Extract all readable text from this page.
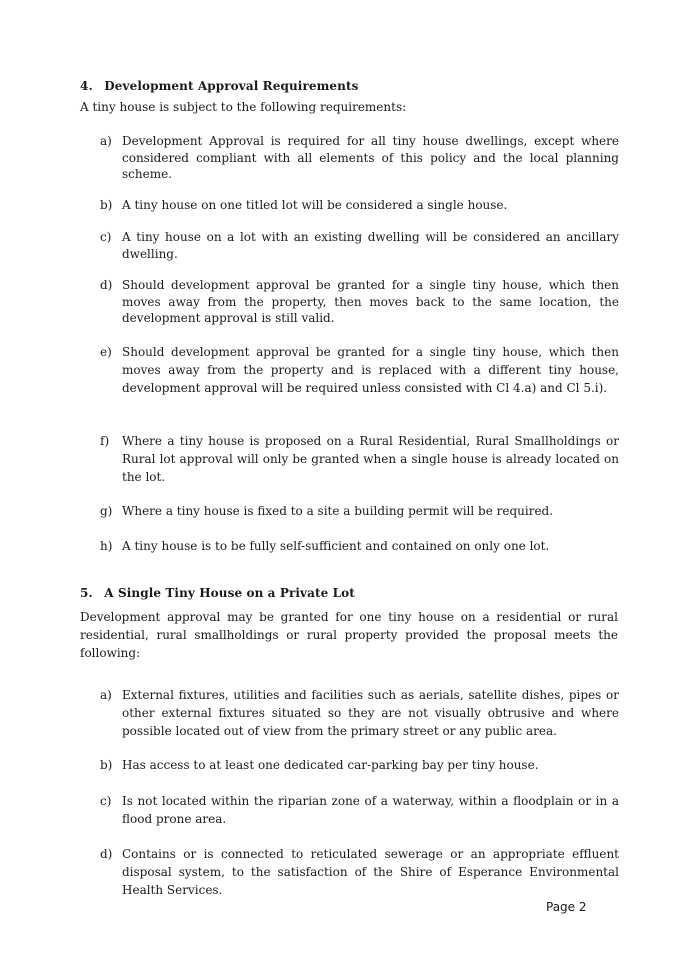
4. Development Approval Requirements
A tiny house is subject to the following requirements:
a) Development Approval is required for all tiny house dwellings, except where considered compliant with all elements of this policy and the local planning scheme.
b) A tiny house on one titled lot will be considered a single house.
c) A tiny house on a lot with an existing dwelling will be considered an ancillary dwelling.
d) Should development approval be granted for a single tiny house, which then moves away from the property, then moves back to the same location, the development approval is still valid.
e) Should development approval be granted for a single tiny house, which then moves away from the property and is replaced with a different tiny house, development approval will be required unless consisted with Cl 4.a) and Cl 5.i).
f)	Where a tiny house is proposed on a Rural Residential, Rural Smallholdings or Rural lot approval will only be granted when a single house is already located on the lot.
g) Where a tiny house is fixed to a site a building permit will be required.
h) A tiny house is to be fully self-sufficient and contained on only one lot.
5. A Single Tiny House on a Private Lot
Development approval may be granted for one tiny house on a residential or rural residential, rural smallholdings or rural property provided the proposal meets the following:
a) External fixtures, utilities and facilities such as aerials, satellite dishes, pipes or other external fixtures situated so they are not visually obtrusive and where possible located out of view from the primary street or any public area.
b) Has access to at least one dedicated car-parking bay per tiny house.
c) Is not located within the riparian zone of a waterway, within a floodplain or in a flood prone area.
d) Contains or is connected to reticulated sewerage or an appropriate effluent disposal system, to the satisfaction of the Shire of Esperance Environmental Health Services.
Page 2
